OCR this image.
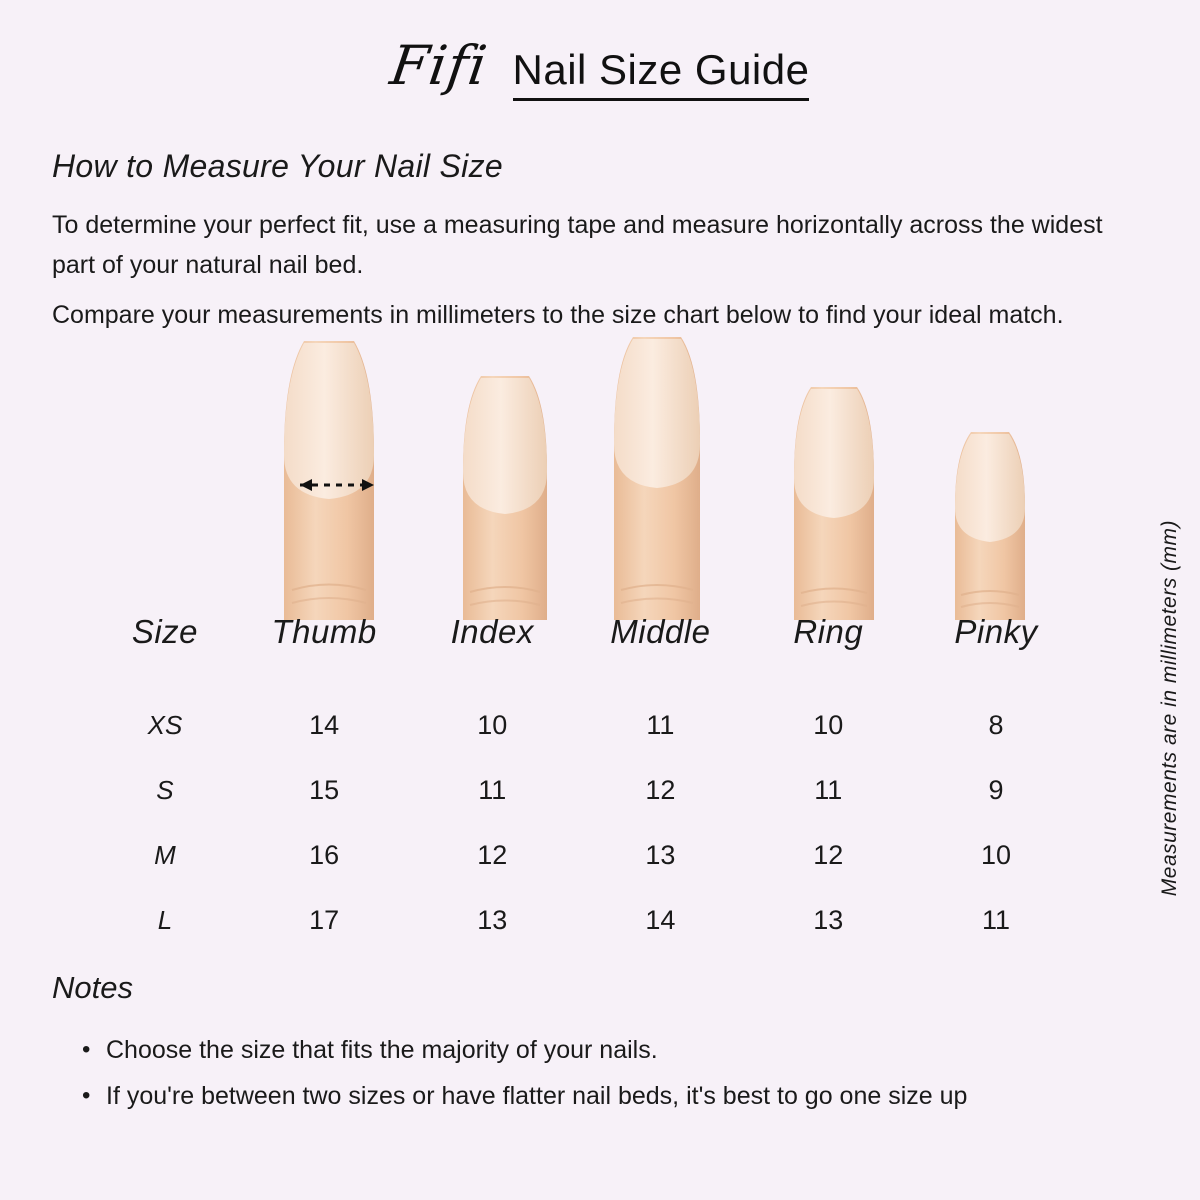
Fifi Nail Size Guide
How to Measure Your Nail Size

To determine your perfect fit, use a measuring tape and measure horizontally across the widest part of your natural nail bed.

Compare your measurements in millimeters to the size chart below to find your ideal match.

Measurements are in millimeters (mm)
Size	Thumb	Index	Middle	Ring	Pinky
XS	14	10	11	10	8
S	15	11	12	11	9
M	16	12	13	12	10
L	17	13	14	13	11
Notes
• Choose the size that fits the majority of your nails.
• If you're between two sizes or have flatter nail beds, it's best to go one size up
